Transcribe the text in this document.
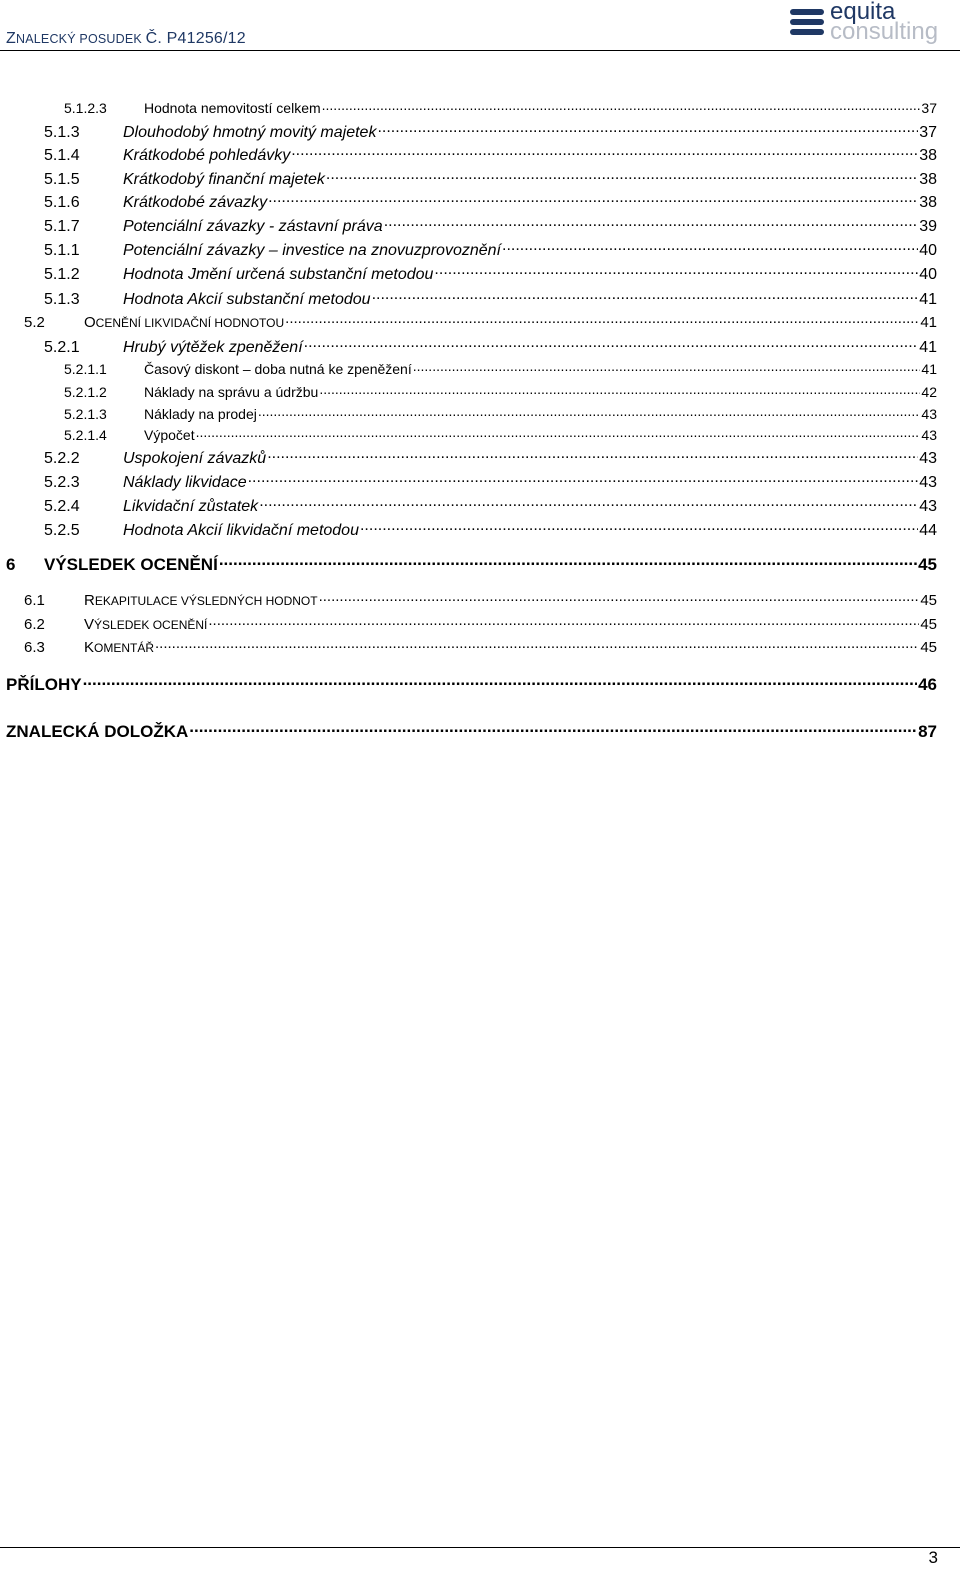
ZNALECKÝ POSUDEK Č. P41256/12
equita
consulting
5.1.2.3	Hodnota nemovitostí celkem .....	37
5.1.3	Dlouhodobý hmotný movitý majetek .....	37
5.1.4	Krátkodobé pohledávky .....	38
5.1.5	Krátkodobý finanční majetek .....	38
5.1.6	Krátkodobé závazky .....	38
5.1.7	Potenciální závazky - zástavní práva .....	39
5.1.1	Potenciální závazky – investice na znovuzprovoznění .....	40
5.1.2	Hodnota Jmění určená substanční metodou .....	40
5.1.3	Hodnota Akcií substanční metodou .....	41
5.2	OCENĚNÍ LIKVIDAČNÍ HODNOTOU .....	41
5.2.1	Hrubý výtěžek zpeněžení .....	41
5.2.1.1	Časový diskont – doba nutná ke zpeněžení .....	41
5.2.1.2	Náklady na správu a údržbu .....	42
5.2.1.3	Náklady na prodej .....	43
5.2.1.4	Výpočet .....	43
5.2.2	Uspokojení závazků .....	43
5.2.3	Náklady likvidace .....	43
5.2.4	Likvidační zůstatek .....	43
5.2.5	Hodnota Akcií likvidační metodou .....	44
6	VÝSLEDEK OCENĚNÍ .....	45
6.1	REKAPITULACE VÝSLEDNÝCH HODNOT .....	45
6.2	VÝSLEDEK OCENĚNÍ .....	45
6.3	KOMENTÁŘ .....	45
PŘÍLOHY .....	46
ZNALECKÁ DOLOŽKA .....	87
3
